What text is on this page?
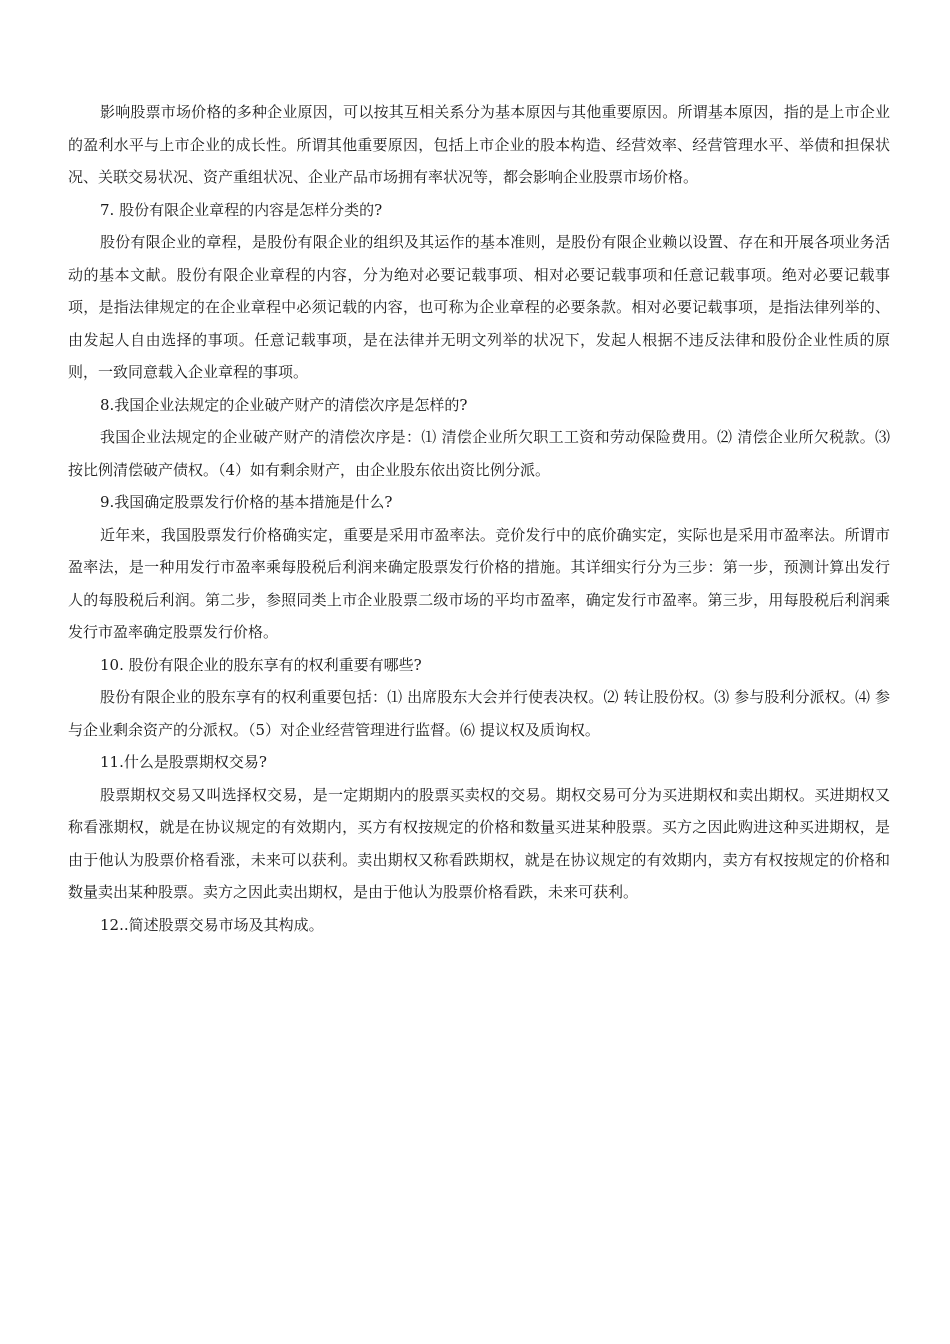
影响股票市场价格的多种企业原因，可以按其互相关系分为基本原因与其他重要原因。所谓基本原因，指的是上市企业的盈利水平与上市企业的成长性。所谓其他重要原因，包括上市企业的股本构造、经营效率、经营管理水平、举债和担保状况、关联交易状况、资产重组状况、企业产品市场拥有率状况等，都会影响企业股票市场价格。

7. 股份有限企业章程的内容是怎样分类的?

股份有限企业的章程，是股份有限企业的组织及其运作的基本准则，是股份有限企业赖以设置、存在和开展各项业务活动的基本文献。股份有限企业章程的内容，分为绝对必要记载事项、相对必要记载事项和任意记载事项。绝对必要记载事项，是指法律规定的在企业章程中必须记载的内容，也可称为企业章程的必要条款。相对必要记载事项，是指法律列举的、由发起人自由选择的事项。任意记载事项，是在法律并无明文列举的状况下，发起人根据不违反法律和股份企业性质的原则，一致同意载入企业章程的事项。

8.我国企业法规定的企业破产财产的清偿次序是怎样的?

我国企业法规定的企业破产财产的清偿次序是：⑴ 清偿企业所欠职工工资和劳动保险费用。⑵ 清偿企业所欠税款。⑶ 按比例清偿破产债权。（4）如有剩余财产，由企业股东依出资比例分派。

9.我国确定股票发行价格的基本措施是什么?

近年来，我国股票发行价格确实定，重要是采用市盈率法。竞价发行中的底价确实定，实际也是采用市盈率法。所谓市盈率法，是一种用发行市盈率乘每股税后利润来确定股票发行价格的措施。其详细实行分为三步：第一步，预测计算出发行人的每股税后利润。第二步，参照同类上市企业股票二级市场的平均市盈率，确定发行市盈率。第三步，用每股税后利润乘发行市盈率确定股票发行价格。

10. 股份有限企业的股东享有的权利重要有哪些?

股份有限企业的股东享有的权利重要包括：⑴ 出席股东大会并行使表决权。⑵ 转让股份权。⑶ 参与股利分派权。⑷ 参与企业剩余资产的分派权。（5）对企业经营管理进行监督。⑹ 提议权及质询权。

11.什么是股票期权交易?

股票期权交易又叫选择权交易，是一定期期内的股票买卖权的交易。期权交易可分为买进期权和卖出期权。买进期权又称看涨期权，就是在协议规定的有效期内，买方有权按规定的价格和数量买进某种股票。买方之因此购进这种买进期权，是由于他认为股票价格看涨，未来可以获利。卖出期权又称看跌期权，就是在协议规定的有效期内，卖方有权按规定的价格和数量卖出某种股票。卖方之因此卖出期权，是由于他认为股票价格看跌，未来可获利。

12..简述股票交易市场及其构成。
